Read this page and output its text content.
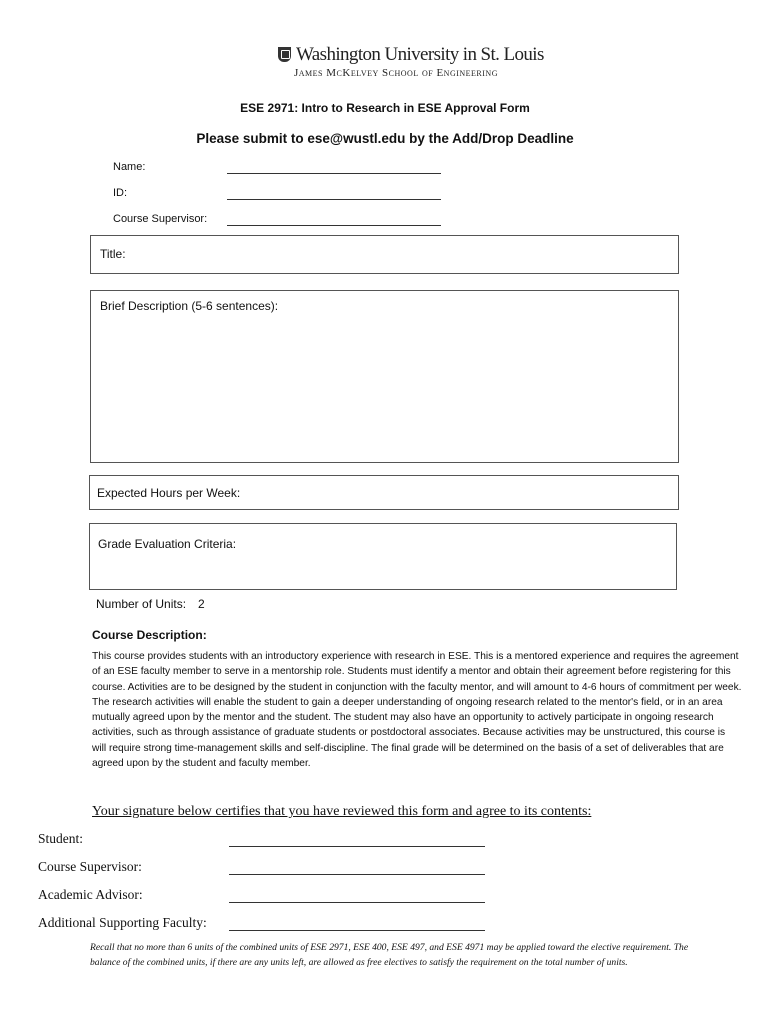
Washington University in St. Louis
James McKelvey School of Engineering
ESE 2971: Intro to Research in ESE Approval Form
Please submit to ese@wustl.edu by the Add/Drop Deadline
Name:
ID:
Course Supervisor:
Title:
Brief Description (5-6 sentences):
Expected Hours per Week:
Grade Evaluation Criteria:
Number of Units: 2
Course Description:
This course provides students with an introductory experience with research in ESE. This is a mentored experience and requires the agreement of an ESE faculty member to serve in a mentorship role. Students must identify a mentor and obtain their agreement before registering for this course. Activities are to be designed by the student in conjunction with the faculty mentor, and will amount to 4-6 hours of commitment per week. The research activities will enable the student to gain a deeper understanding of ongoing research related to the mentor's field, or in an area mutually agreed upon by the mentor and the student. The student may also have an opportunity to actively participate in ongoing research activities, such as through assistance of graduate students or postdoctoral associates. Because activities may be unstructured, this course is will require strong time-management skills and self-discipline. The final grade will be determined on the basis of a set of deliverables that are agreed upon by the student and faculty member.
Your signature below certifies that you have reviewed this form and agree to its contents:
Student:
Course Supervisor:
Academic Advisor:
Additional Supporting Faculty:
Recall that no more than 6 units of the combined units of ESE 2971, ESE 400, ESE 497, and ESE 4971 may be applied toward the elective requirement. The balance of the combined units, if there are any units left, are allowed as free electives to satisfy the requirement on the total number of units.
